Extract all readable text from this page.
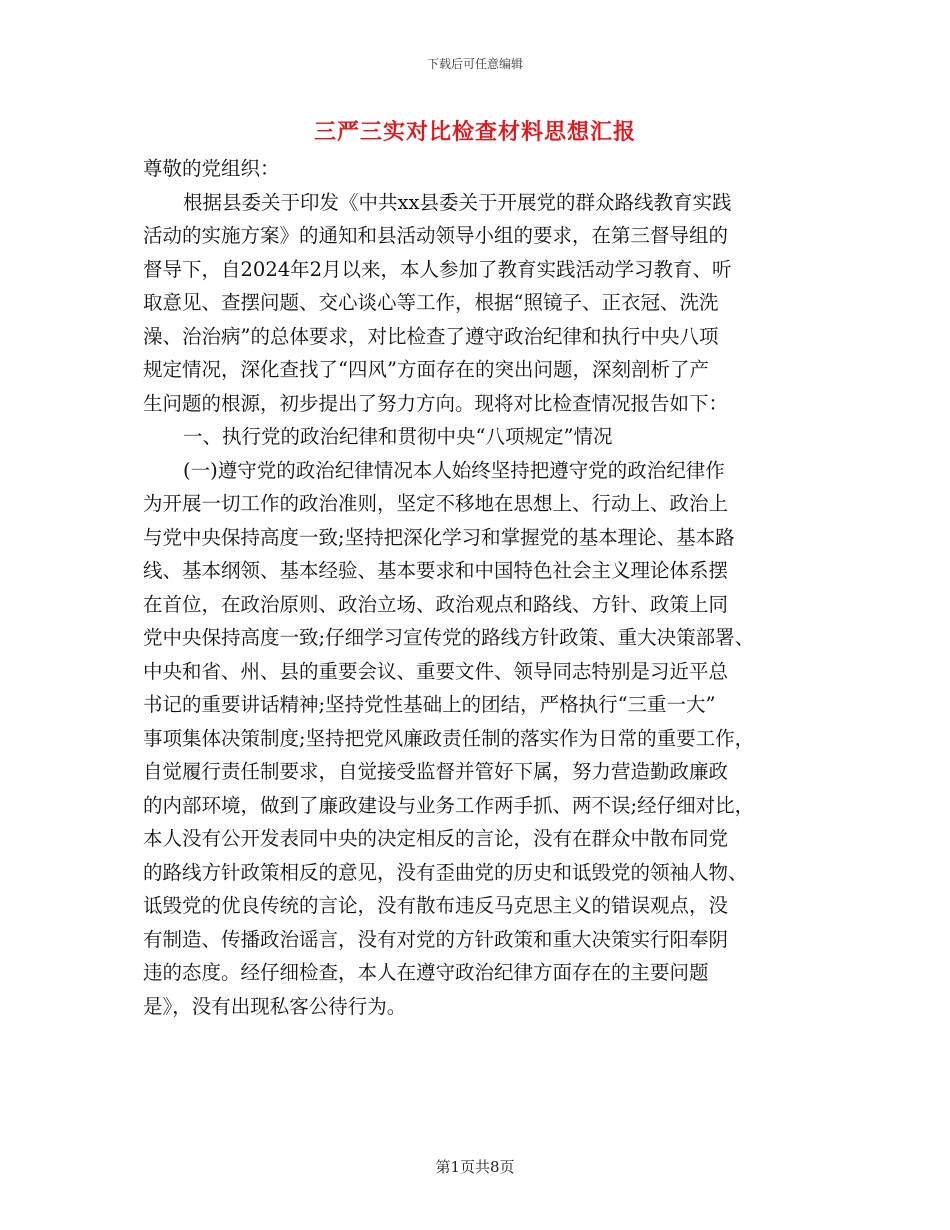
下载后可任意编辑
三严三实对比检查材料思想汇报
尊敬的党组织：
根据县委关于印发《中共xx县委关于开展党的群众路线教育实践
活动的实施方案》的通知和县活动领导小组的要求，在第三督导组的
督导下，自2024年2月以来，本人参加了教育实践活动学习教育、听
取意见、查摆问题、交心谈心等工作，根据“照镜子、正衣冠、洗洗
澡、治治病”的总体要求，对比检查了遵守政治纪律和执行中央八项
规定情况，深化查找了“四风”方面存在的突出问题，深刻剖析了产
生问题的根源，初步提出了努力方向。现将对比检查情况报告如下：
一、执行党的政治纪律和贯彻中央“八项规定”情况
(一)遵守党的政治纪律情况本人始终坚持把遵守党的政治纪律作
为开展一切工作的政治准则，坚定不移地在思想上、行动上、政治上
与党中央保持高度一致;坚持把深化学习和掌握党的基本理论、基本路
线、基本纲领、基本经验、基本要求和中国特色社会主义理论体系摆
在首位，在政治原则、政治立场、政治观点和路线、方针、政策上同
党中央保持高度一致;仔细学习宣传党的路线方针政策、重大决策部署、
中央和省、州、县的重要会议、重要文件、领导同志特别是习近平总
书记的重要讲话精神;坚持党性基础上的团结，严格执行“三重一大”
事项集体决策制度;坚持把党风廉政责任制的落实作为日常的重要工作，
自觉履行责任制要求，自觉接受监督并管好下属，努力营造勤政廉政
的内部环境，做到了廉政建设与业务工作两手抓、两不误;经仔细对比，
本人没有公开发表同中央的决定相反的言论，没有在群众中散布同党
的路线方针政策相反的意见，没有歪曲党的历史和诋毁党的领袖人物、
诋毁党的优良传统的言论，没有散布违反马克思主义的错误观点，没
有制造、传播政治谣言，没有对党的方针政策和重大决策实行阳奉阴
违的态度。经仔细检查，本人在遵守政治纪律方面存在的主要问题
是》，没有出现私客公待行为。
第1页共8页
